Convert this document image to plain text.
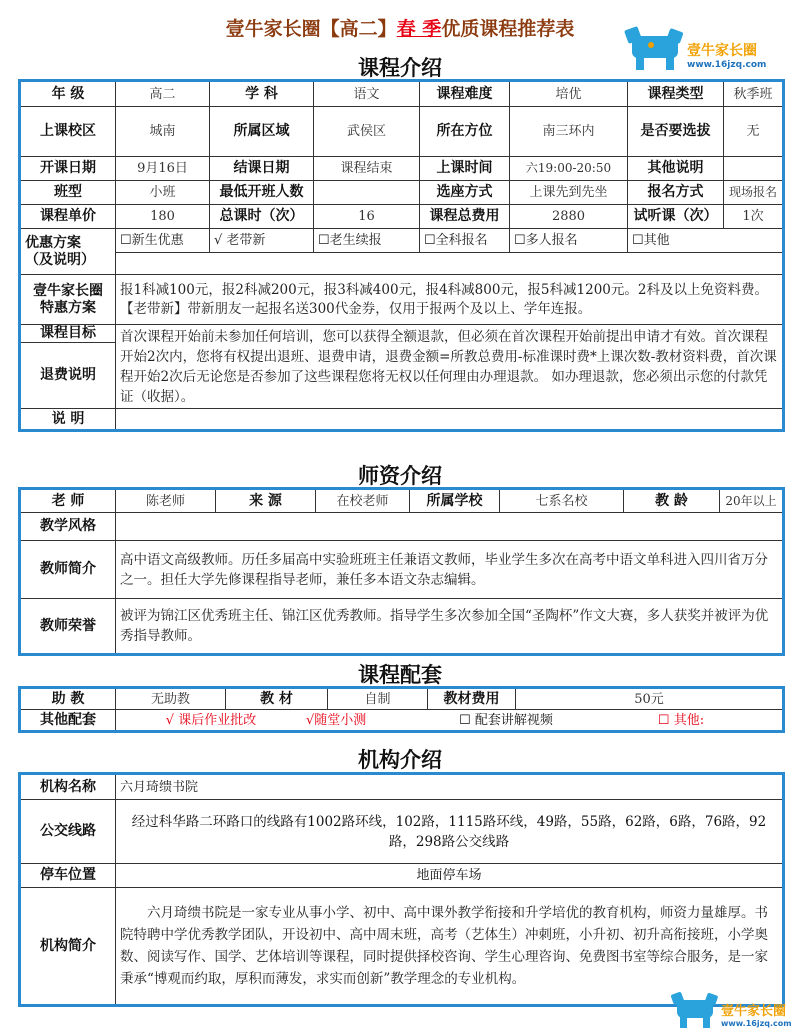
壹牛家长圈【高二】春 季优质课程推荐表
壹牛家长圈
www.16jzq.com
课程介绍
年 级	高二	学 科	语文	课程难度	培优	课程类型	秋季班
上课校区	城南	所属区域	武侯区	所在方位	南三环内	是否要选拔	无
开课日期	9月16日	结课日期	课程结束	上课时间	六19:00-20:50	其他说明	
班型	小班	最低开班人数		选座方式	上课先到先坐	报名方式	现场报名
课程单价	180	总课时（次）	16	课程总费用	2880	试听课（次）	1次

优惠方案
（及说明）	☐新生优惠	√ 老带新	☐老生续报	☐全科报名	☐多人报名	☐其他	

壹牛家长圈
特惠方案	报1科减100元，报2科减200元，报3科减400元，报4科减800元，报5科减1200元。2科及以上免资料费。【老带新】带新朋友一起报名送300代金券，仅用于报两个及以上、学年连报。						
课程目标	首次课程开始前未参加任何培训，您可以获得全额退款，但必须在首次课程开始前提出申请才有效。首次课程开始2次内，您将有权提出退班、退费申请，退费金额=所教总费用-标准课时费*上课次数-教材资料费，首次课程开始2次后无论您是否参加了这些课程您将无权以任何理由办理退款。 如办理退款，您必须出示您的付款凭证（收据）。						
退费说明							
说 明							
师资介绍
老 师	陈老师	来 源	在校老师	所属学校	七系名校	教 龄	20年以上
教学风格							
教师简介	高中语文高级教师。历任多届高中实验班班主任兼语文教师，毕业学生多次在高考中语文单科进入四川省万分之一。担任大学先修课程指导老师，兼任多本语文杂志编辑。						
教师荣誉	被评为锦江区优秀班主任、锦江区优秀教师。指导学生多次参加全国“圣陶杯”作文大赛，多人获奖并被评为优秀指导教师。						
课程配套
助 教	无助教	教 材	自制	教材费用	50元
其他配套	√ 课后作业批改 √随堂小测 ☐ 配套讲解视频 ☐ 其他:				
机构介绍
机构名称	六月琦缋书院
公交线路	经过科华路二环路口的线路有1002路环线，102路，1115路环线，49路，55路，62路，6路，76路，92路，298路公交线路
停车位置	地面停车场
机构简介	　　六月琦缋书院是一家专业从事小学、初中、高中课外教学衔接和升学培优的教育机构，师资力量雄厚。书院特聘中学优秀教学团队，开设初中、高中周末班，高考（艺体生）冲刺班，小升初、初升高衔接班，小学奥数、阅读写作、国学、艺体培训等课程，同时提供择校咨询、学生心理咨询、免费图书室等综合服务，是一家秉承“博观而约取，厚积而薄发，求实而创新”教学理念的专业机构。
壹牛家长圈
www.16jzq.com
